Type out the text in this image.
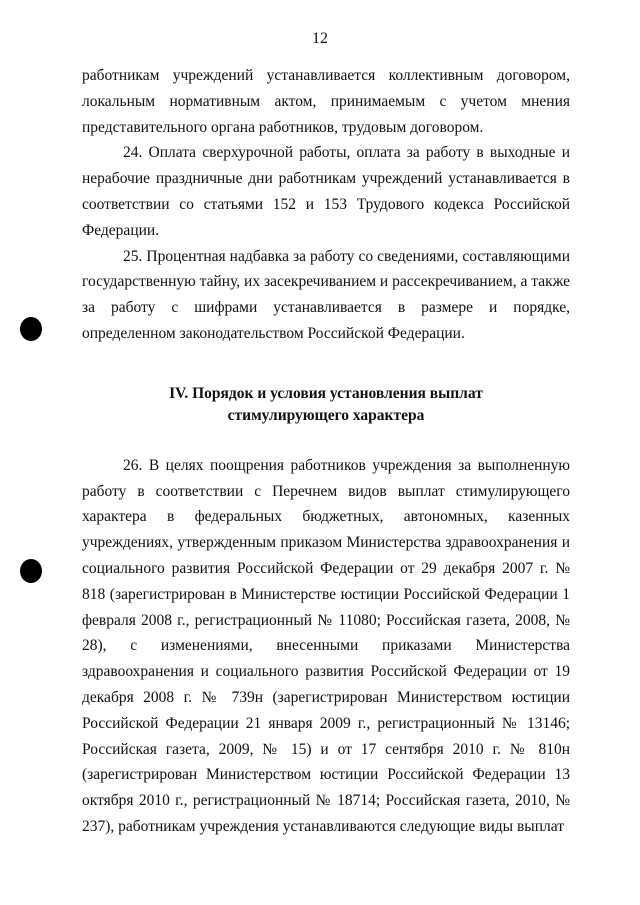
12

работникам учреждений устанавливается коллективным договором, локальным нормативным актом, принимаемым с учетом мнения представительного органа работников, трудовым договором.

24. Оплата сверхурочной работы, оплата за работу в выходные и нерабочие праздничные дни работникам учреждений устанавливается в соответствии со статьями 152 и 153 Трудового кодекса Российской Федерации.

25. Процентная надбавка за работу со сведениями, составляющими государственную тайну, их засекречиванием и рассекречиванием, а также за работу с шифрами устанавливается в размере и порядке, определенном законодательством Российской Федерации.

IV. Порядок и условия установления выплат
стимулирующего характера

26. В целях поощрения работников учреждения за выполненную работу в соответствии с Перечнем видов выплат стимулирующего характера в федеральных бюджетных, автономных, казенных учреждениях, утвержденным приказом Министерства здравоохранения и социального развития Российской Федерации от 29 декабря 2007 г. № 818 (зарегистрирован в Министерстве юстиции Российской Федерации 1 февраля 2008 г., регистрационный № 11080; Российская газета, 2008, № 28), с изменениями, внесенными приказами Министерства здравоохранения и социального развития Российской Федерации от 19 декабря 2008 г. № 739н (зарегистрирован Министерством юстиции Российской Федерации 21 января 2009 г., регистрационный № 13146; Российская газета, 2009, № 15) и от 17 сентября 2010 г. № 810н (зарегистрирован Министерством юстиции Российской Федерации 13 октября 2010 г., регистрационный № 18714; Российская газета, 2010, № 237), работникам учреждения устанавливаются следующие виды выплат
